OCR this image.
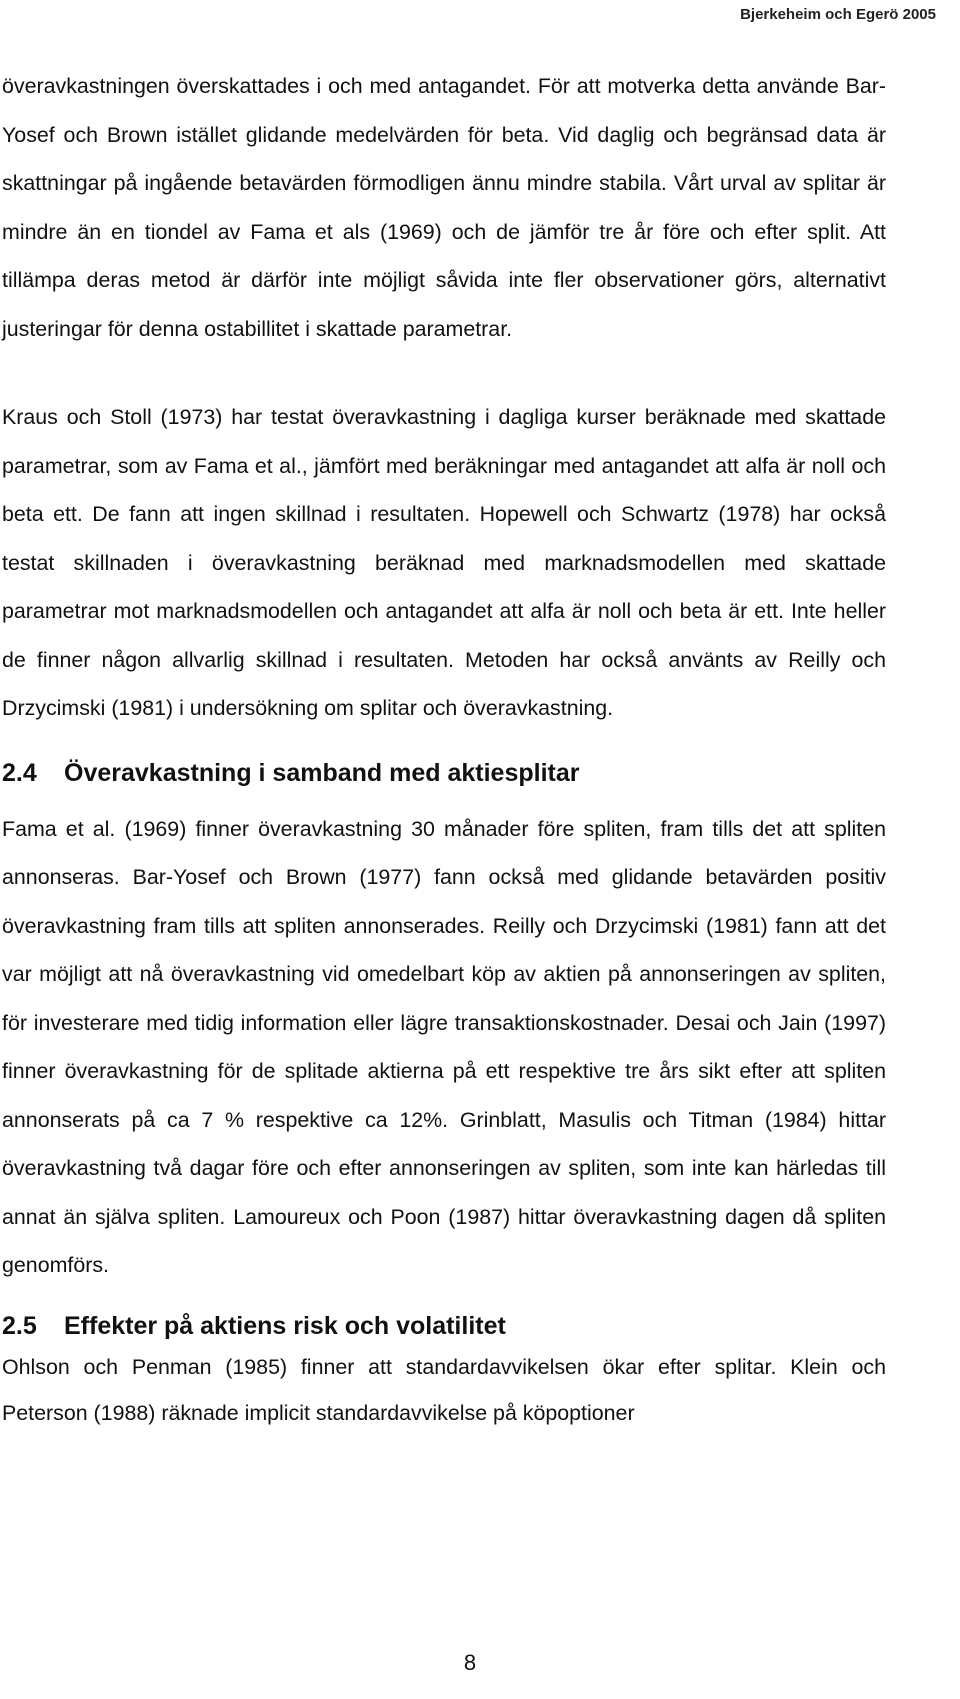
Bjerkeheim och Egerö 2005

överavkastningen överskattades i och med antagandet. För att motverka detta använde Bar-Yosef och Brown istället glidande medelvärden för beta. Vid daglig och begränsad data är skattningar på ingående betavärden förmodligen ännu mindre stabila. Vårt urval av splitar är mindre än en tiondel av Fama et als (1969) och de jämför tre år före och efter split. Att tillämpa deras metod är därför inte möjligt såvida inte fler observationer görs, alternativt justeringar för denna ostabillitet i skattade parametrar.

Kraus och Stoll (1973) har testat överavkastning i dagliga kurser beräknade med skattade parametrar, som av Fama et al., jämfört med beräkningar med antagandet att alfa är noll och beta ett. De fann att ingen skillnad i resultaten. Hopewell och Schwartz (1978) har också testat skillnaden i överavkastning beräknad med marknadsmodellen med skattade parametrar mot marknadsmodellen och antagandet att alfa är noll och beta är ett. Inte heller de finner någon allvarlig skillnad i resultaten. Metoden har också använts av Reilly och Drzycimski (1981) i undersökning om splitar och överavkastning.

2.4	Överavkastning i samband med aktiesplitar

Fama et al. (1969) finner överavkastning 30 månader före spliten, fram tills det att spliten annonseras. Bar-Yosef och Brown (1977) fann också med glidande betavärden positiv överavkastning fram tills att spliten annonserades. Reilly och Drzycimski (1981) fann att det var möjligt att nå överavkastning vid omedelbart köp av aktien på annonseringen av spliten, för investerare med tidig information eller lägre transaktionskostnader. Desai och Jain (1997) finner överavkastning för de splitade aktierna på ett respektive tre års sikt efter att spliten annonserats på ca 7 % respektive ca 12%. Grinblatt, Masulis och Titman (1984) hittar överavkastning två dagar före och efter annonseringen av spliten, som inte kan härledas till annat än själva spliten. Lamoureux och Poon (1987) hittar överavkastning dagen då spliten genomförs.

2.5	Effekter på aktiens risk och volatilitet

Ohlson och Penman (1985) finner att standardavvikelsen ökar efter splitar. Klein och Peterson (1988) räknade implicit standardavvikelse på köpoptioner

8
